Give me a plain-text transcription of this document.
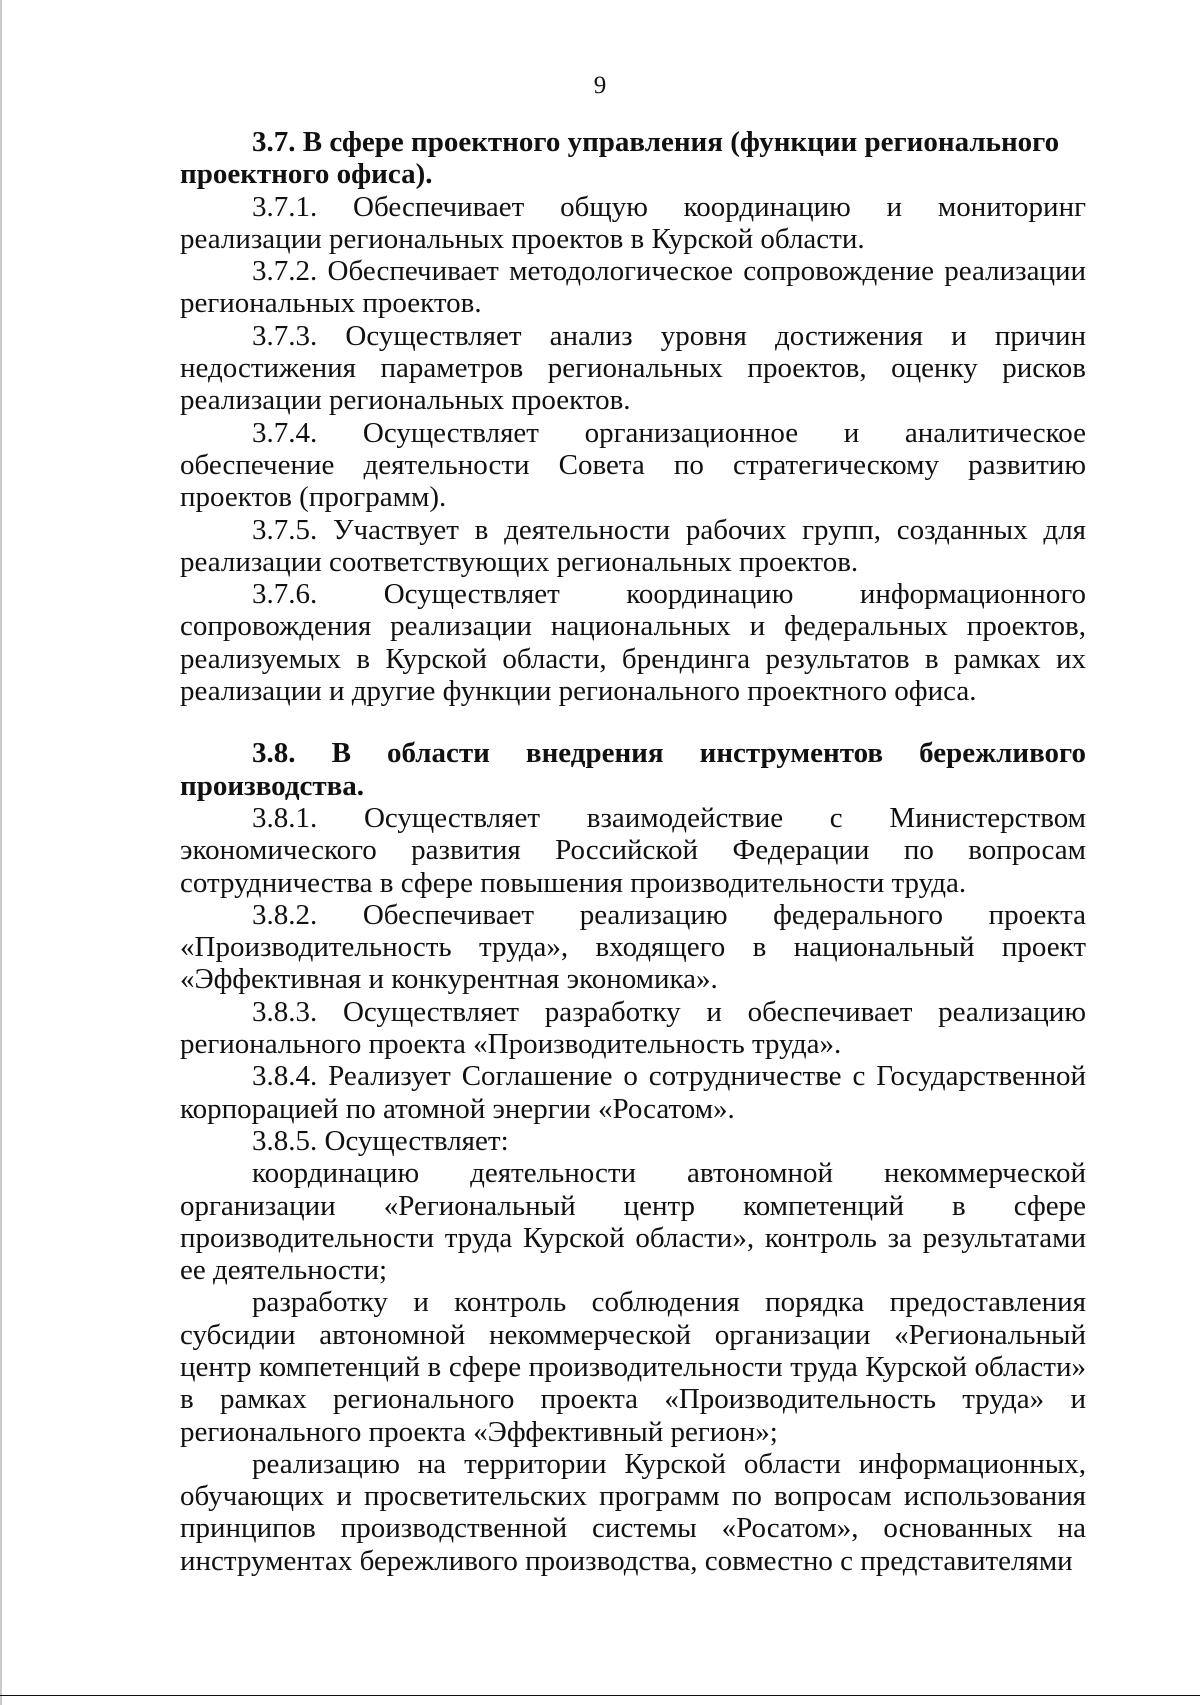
9

3.7. В сфере проектного управления (функции регионального

проектного офиса).

3.7.1. Обеспечивает общую координацию и мониторинг реализации региональных проектов в Курской области.

3.7.2. Обеспечивает методологическое сопровождение реализации региональных проектов.

3.7.3. Осуществляет анализ уровня достижения и причин недостижения параметров региональных проектов, оценку рисков реализации региональных проектов.

3.7.4. Осуществляет организационное и аналитическое обеспечение деятельности Совета по стратегическому развитию проектов (программ).

3.7.5. Участвует в деятельности рабочих групп, созданных для реализации соответствующих региональных проектов.

3.7.6. Осуществляет координацию информационного сопровождения реализации национальных и федеральных проектов, реализуемых в Курской области, брендинга результатов в рамках их реализации и другие функции регионального проектного офиса.

3.8. В области внедрения инструментов бережливого

производства.

3.8.1. Осуществляет взаимодействие с Министерством экономического развития Российской Федерации по вопросам сотрудничества в сфере повышения производительности труда.

3.8.2. Обеспечивает реализацию федерального проекта «Производительность труда», входящего в национальный проект «Эффективная и конкурентная экономика».

3.8.3. Осуществляет разработку и обеспечивает реализацию регионального проекта «Производительность труда».

3.8.4. Реализует Соглашение о сотрудничестве с Государственной корпорацией по атомной энергии «Росатом».

3.8.5. Осуществляет:

координацию деятельности автономной некоммерческой организации «Региональный центр компетенций в сфере производительности труда Курской области», контроль за результатами ее деятельности;

разработку и контроль соблюдения порядка предоставления субсидии автономной некоммерческой организации «Региональный центр компетенций в сфере производительности труда Курской области» в рамках регионального проекта «Производительность труда» и регионального проекта «Эффективный регион»;

реализацию на территории Курской области информационных, обучающих и просветительских программ по вопросам использования принципов производственной системы «Росатом», основанных на инструментах бережливого производства, совместно с представителями
